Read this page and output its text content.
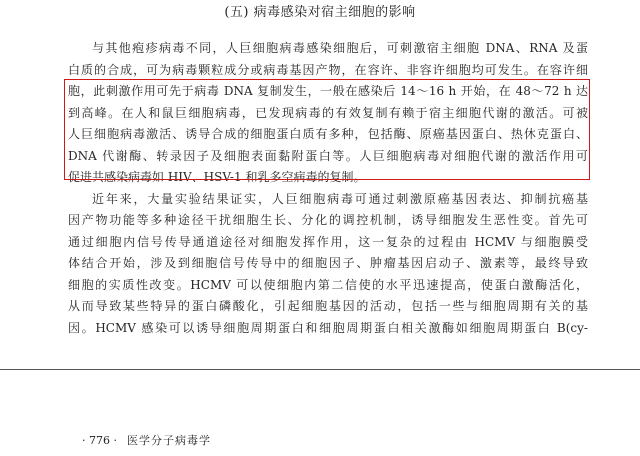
(五) 病毒感染对宿主细胞的影响
与其他疱疹病毒不同，人巨细胞病毒感染细胞后，可刺激宿主细胞 DNA、RNA 及蛋
白质的合成，可为病毒颗粒成分或病毒基因产物，在容许、非容许细胞均可发生。在容许细
胞，此刺激作用可先于病毒 DNA 复制发生，一般在感染后 14～16 h 开始，在 48～72 h 达
到高峰。在人和鼠巨细胞病毒，已发现病毒的有效复制有赖于宿主细胞代谢的激活。可被
人巨细胞病毒激活、诱导合成的细胞蛋白质有多种，包括酶、原癌基因蛋白、热休克蛋白、
DNA 代谢酶、转录因子及细胞表面黏附蛋白等。人巨细胞病毒对细胞代谢的激活作用可
促进共感染病毒如 HIV、HSV-1 和乳多空病毒的复制。
近年来，大量实验结果证实，人巨细胞病毒可通过刺激原癌基因表达、抑制抗癌基
因产物功能等多种途径干扰细胞生长、分化的调控机制，诱导细胞发生恶性变。首先可
通过细胞内信号传导通道途径对细胞发挥作用，这一复杂的过程由 HCMV 与细胞膜受
体结合开始，涉及到细胞信号传导中的细胞因子、肿瘤基因启动子、激素等，最终导致
细胞的实质性改变。HCMV 可以使细胞内第二信使的水平迅速提高，使蛋白激酶活化，
从而导致某些特异的蛋白磷酸化，引起细胞基因的活动，包括一些与细胞周期有关的基
因。HCMV 感染可以诱导细胞周期蛋白和细胞周期蛋白相关激酶如细胞周期蛋白 B(cy-
· 776 · 医学分子病毒学
